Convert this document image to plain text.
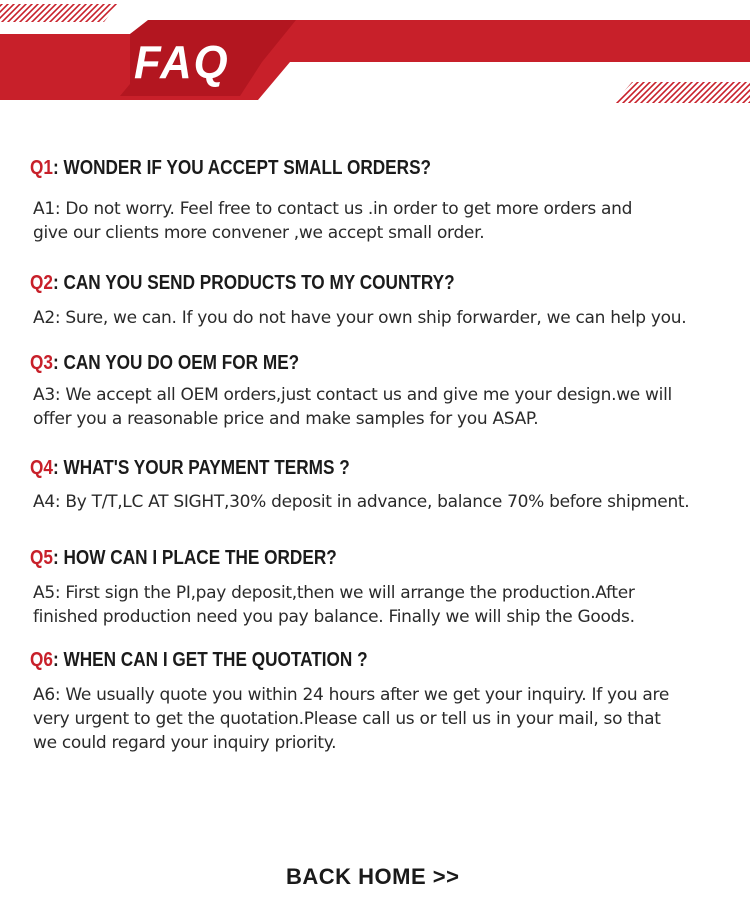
FAQ
Q1: WONDER IF YOU ACCEPT SMALL ORDERS?
A1: Do not worry. Feel free to contact us .in order to get more orders and
give our clients more convener ,we accept small order.
Q2: CAN YOU SEND PRODUCTS TO MY COUNTRY?
A2: Sure, we can. If you do not have your own ship forwarder, we can help you.
Q3: CAN YOU DO OEM FOR ME?
A3: We accept all OEM orders,just contact us and give me your design.we will
offer you a reasonable price and make samples for you ASAP.
Q4: WHAT'S YOUR PAYMENT TERMS ?
A4: By T/T,LC AT SIGHT,30% deposit in advance, balance 70% before shipment.
Q5: HOW CAN I PLACE THE ORDER?
A5: First sign the PI,pay deposit,then we will arrange the production.After
finished production need you pay balance. Finally we will ship the Goods.
Q6: WHEN CAN I GET THE QUOTATION ?
A6: We usually quote you within 24 hours after we get your inquiry. If you are
very urgent to get the quotation.Please call us or tell us in your mail, so that
we could regard your inquiry priority.
BACK HOME >>
